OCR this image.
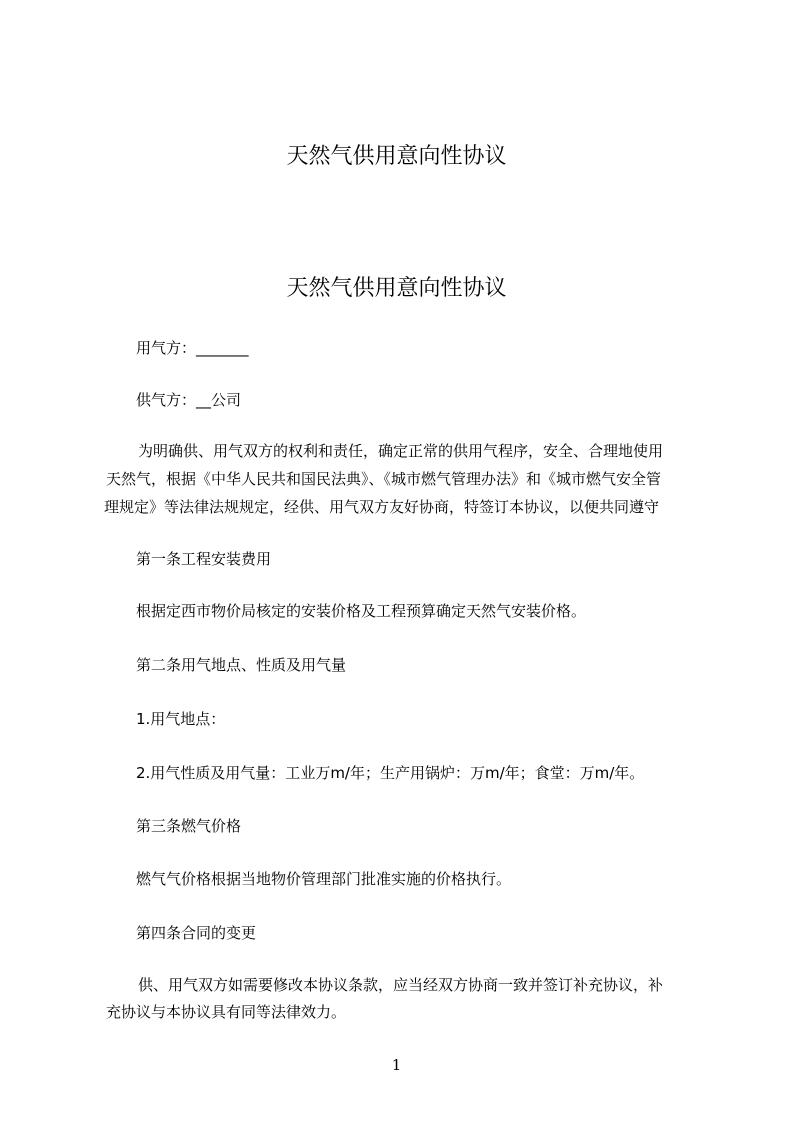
天然气供用意向性协议
天然气供用意向性协议

用气方：_______

供气方：__公司

为明确供、用气双方的权利和责任，确定正常的供用气程序，安全、合理地使用

天然气，根据《中华人民共和国民法典》、《城市燃气管理办法》和《城市燃气安全管

理规定》等法律法规规定，经供、用气双方友好协商，特签订本协议，以便共同遵守

第一条工程安装费用

根据定西市物价局核定的安装价格及工程预算确定天然气安装价格。

第二条用气地点、性质及用气量

1.用气地点：

2.用气性质及用气量：工业万m/年；生产用锅炉：万m/年；食堂：万m/年。

第三条燃气价格

燃气气价格根据当地物价管理部门批准实施的价格执行。

第四条合同的变更

供、用气双方如需要修改本协议条款，应当经双方协商一致并签订补充协议，补

充协议与本协议具有同等法律效力。

1
